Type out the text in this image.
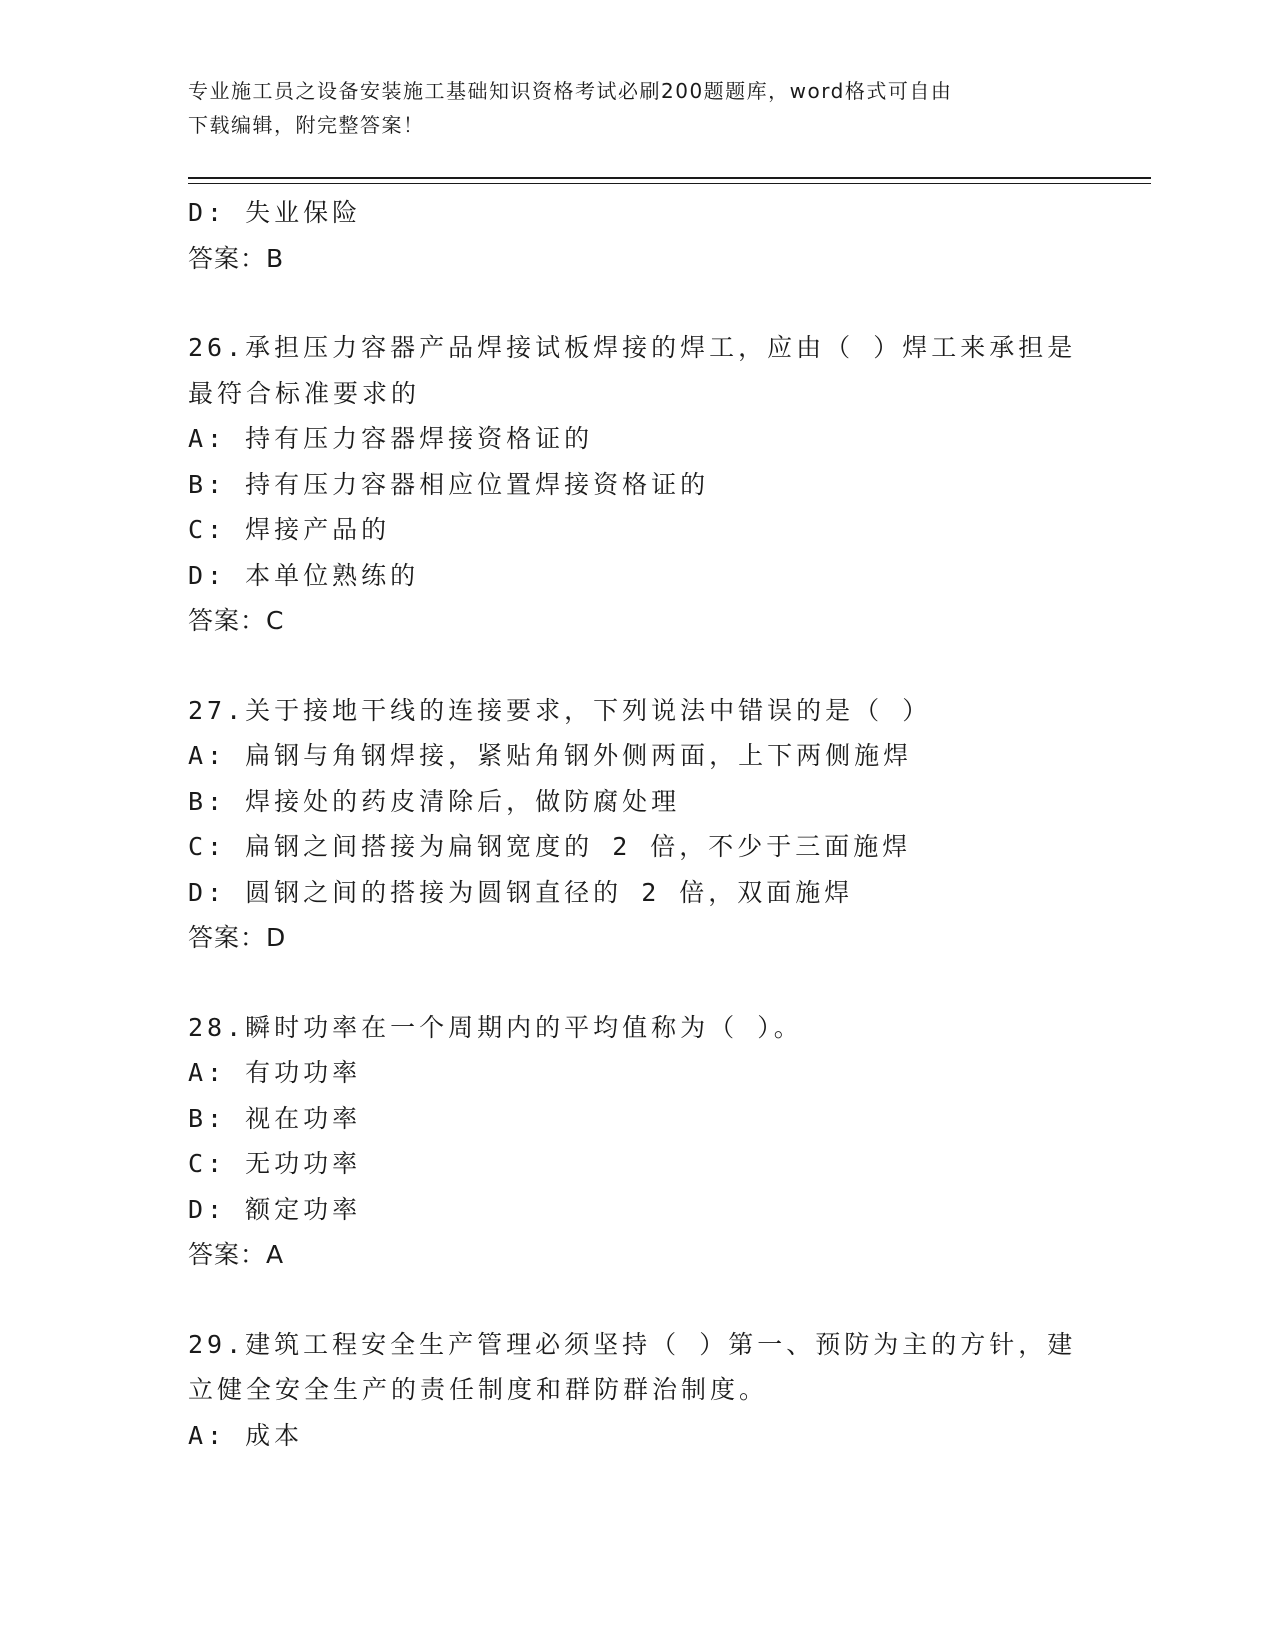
专业施工员之设备安装施工基础知识资格考试必刷200题题库，word格式可自由
下载编辑，附完整答案！
D: 失业保险
答案：B
26.承担压力容器产品焊接试板焊接的焊工，应由（ ）焊工来承担是
最符合标准要求的
A: 持有压力容器焊接资格证的
B: 持有压力容器相应位置焊接资格证的
C: 焊接产品的
D: 本单位熟练的
答案：C
27.关于接地干线的连接要求，下列说法中错误的是（ ）
A: 扁钢与角钢焊接，紧贴角钢外侧两面，上下两侧施焊
B: 焊接处的药皮清除后，做防腐处理
C: 扁钢之间搭接为扁钢宽度的 2 倍，不少于三面施焊
D: 圆钢之间的搭接为圆钢直径的 2 倍，双面施焊
答案：D
28.瞬时功率在一个周期内的平均值称为（ ）。
A: 有功功率
B: 视在功率
C: 无功功率
D: 额定功率
答案：A
29.建筑工程安全生产管理必须坚持（ ）第一、预防为主的方针，建
立健全安全生产的责任制度和群防群治制度。
A: 成本
